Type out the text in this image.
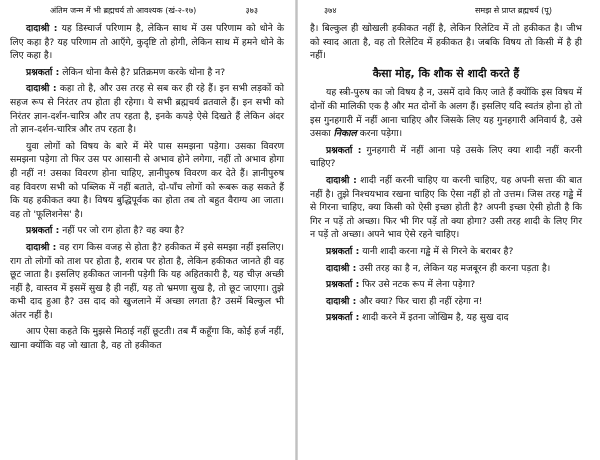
अंतिम जन्म में भी ब्रह्मचर्य तो आवश्यक (खं-२-१७)	३७३

दादाश्री : यह डिस्चार्ज परिणाम है, लेकिन साथ में उस परिणाम को धोने के लिए कहा है? यह परिणाम तो आएँगे, कुदृष्टि तो होगी, लेकिन साथ में हमने धोने के लिए कहा है।

प्रश्नकर्ता : लेकिन धोना कैसे है? प्रतिक्रमण करके धोना है न?

दादाश्री : कहा तो है, और उस तरह से सब कर ही रहे हैं। इन सभी लड़कों को सहज रूप से निरंतर तप होता ही रहेगा। ये सभी ब्रह्मचर्य व्रतवाले हैं। इन सभी को निरंतर ज्ञान-दर्शन-चारित्र और तप रहता है, इनके कपड़े ऐसे दिखते हैं लेकिन अंदर तो ज्ञान-दर्शन-चारित्र और तप रहता है।

युवा लोगों को विषय के बारे में मेरे पास समझना पड़ेगा। उसका विवरण समझना पड़ेगा तो फिर उस पर आसानी से अभाव होने लगेगा, नहीं तो अभाव होगा ही नहीं न! उसका विवरण होना चाहिए, ज्ञानीपुरुष विवरण कर देते हैं। ज्ञानीपुरुष वह विवरण सभी को पब्लिक में नहीं बताते, दो-पाँच लोगों को रूबरू कह सकते हैं कि यह हकीकत क्या है। विषय बुद्धिपूर्वक का होता तब तो बहुत वैराग्य आ जाता। वह तो 'फूलिशनेस' है।

प्रश्नकर्ता : नहीं पर जो राग होता है? वह क्या है?

दादाश्री : वह राग किस वजह से होता है? हकीकत में इसे समझा नहीं इसलिए। राग तो लोगों को ताश पर होता है, शराब पर होता है, लेकिन हकीकत जानते ही वह छूट जाता है। इसलिए हकीकत जाननी पड़ेगी कि यह अहितकारी है, यह चीज़ अच्छी नहीं है, वास्तव में इसमें सुख है ही नहीं, यह तो भ्रमणा सुख है, तो छूट जाएगा। तुझे कभी दाद हुआ है? उस दाद को खुजलाने में अच्छा लगता है? उसमें बिल्कुल भी अंतर नहीं है।

आप ऐसा कहते कि मुझसे मिठाई नहीं छूटती। तब मैं कहूँगा कि, कोई हर्ज नहीं, खाना क्योंकि वह जो खाता है, वह तो हकीकत

३७४	समझ से प्राप्त ब्रह्मचर्य (पू)

है। बिल्कुल ही खोखली हकीकत नहीं है, लेकिन रिलेटिव में तो हकीकत है। जीभ को स्वाद आता है, वह तो रिलेटिव में हकीकत है। जबकि विषय तो किसी में है ही नहीं।

कैसा मोह, कि शौक से शादी करते हैं

यह स्त्री-पुरुष का जो विषय है न, उसमें दावे किए जाते हैं क्योंकि इस विषय में दोनों की मालिकी एक है और मत दोनों के अलग हैं। इसलिए यदि स्वतंत्र होना हो तो इस गुनहगारी में नहीं आना चाहिए और जिसके लिए यह गुनहगारी अनिवार्य है, उसे उसका निकाल करना पड़ेगा।

प्रश्नकर्ता : गुनहगारी में नहीं आना पड़े उसके लिए क्या शादी नहीं करनी चाहिए?

दादाश्री : शादी नहीं करनी चाहिए या करनी चाहिए, यह अपनी सत्ता की बात नहीं है। तुझे निश्चयभाव रखना चाहिए कि ऐसा नहीं हो तो उत्तम। जिस तरह गड्ढे में से गिरना चाहिए, क्या किसी को ऐसी इच्छा होती है? अपनी इच्छा ऐसी होती है कि गिर न पड़ें तो अच्छा। फिर भी गिर पड़ें तो क्या होगा? उसी तरह शादी के लिए गिर न पड़ें तो अच्छा। अपने भाव ऐसे रहने चाहिए।

प्रश्नकर्ता : यानी शादी करना गड्ढे में से गिरने के बराबर है?

दादाश्री : उसी तरह का है न, लेकिन यह मजबूरन ही करना पड़ता है।

प्रश्नकर्ता : फिर उसे नटक रूप में लेना पड़ेगा?

दादाश्री : और क्या? फिर चारा ही नहीं रहेगा न!

प्रश्नकर्ता : शादी करने में इतना जोखिम है, यह सुख दाद
